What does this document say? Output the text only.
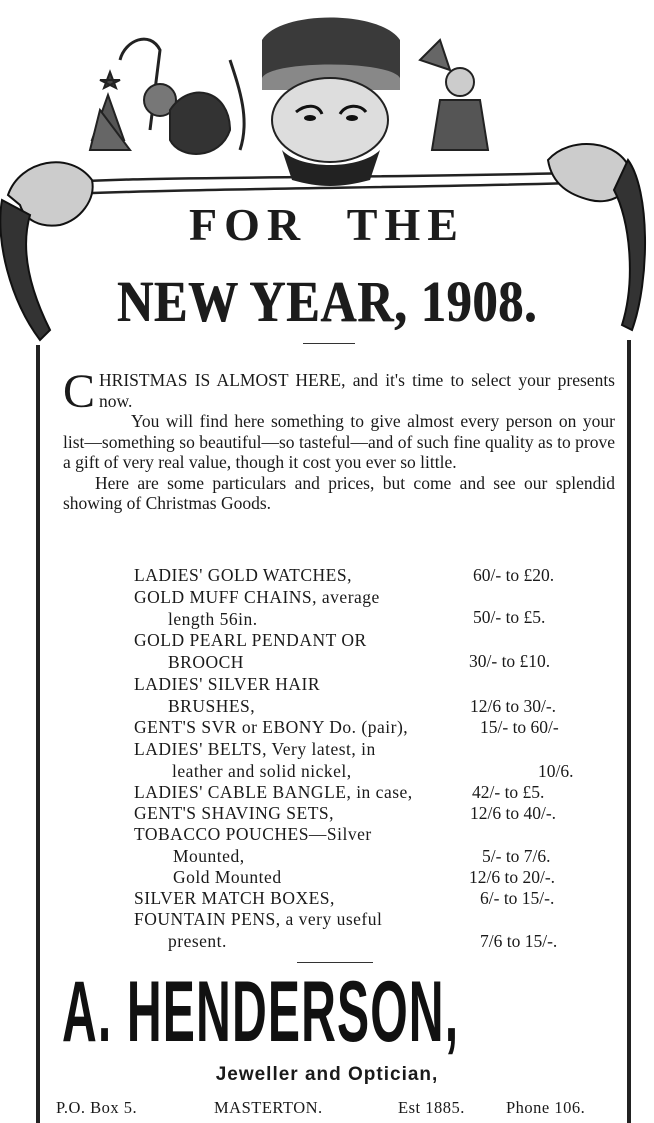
FOR THE
NEW YEAR, 1908.

CHRISTMAS IS ALMOST HERE, and it's time to select your presents now.

You will find here something to give almost every person on your list—something so beautiful—so tasteful—and of such fine quality as to prove a gift of very real value, though it cost you ever so little.

Here are some particulars and prices, but come and see our splendid showing of Christmas Goods.

LADIES' GOLD WATCHES,	60/- to £20.
GOLD MUFF CHAINS, average
length 56in.	50/- to £5.
GOLD PEARL PENDANT OR
BROOCH	30/- to £10.
LADIES' SILVER HAIR
BRUSHES,	12/6 to 30/-.
GENT'S SVR or EBONY Do. (pair),	15/- to 60/-
LADIES' BELTS, Very latest, in
leather and solid nickel,	10/6.
LADIES' CABLE BANGLE, in case,	42/- to £5.
GENT'S SHAVING SETS,	12/6 to 40/-.
TOBACCO POUCHES—Silver
Mounted,	5/- to 7/6.
Gold Mounted	12/6 to 20/-.
SILVER MATCH BOXES,	6/- to 15/-.
FOUNTAIN PENS, a very useful
present.	7/6 to 15/-.
A. HENDERSON,
Jeweller and Optician,
P.O. Box 5.	MASTERTON.	Est 1885. Phone 106.
